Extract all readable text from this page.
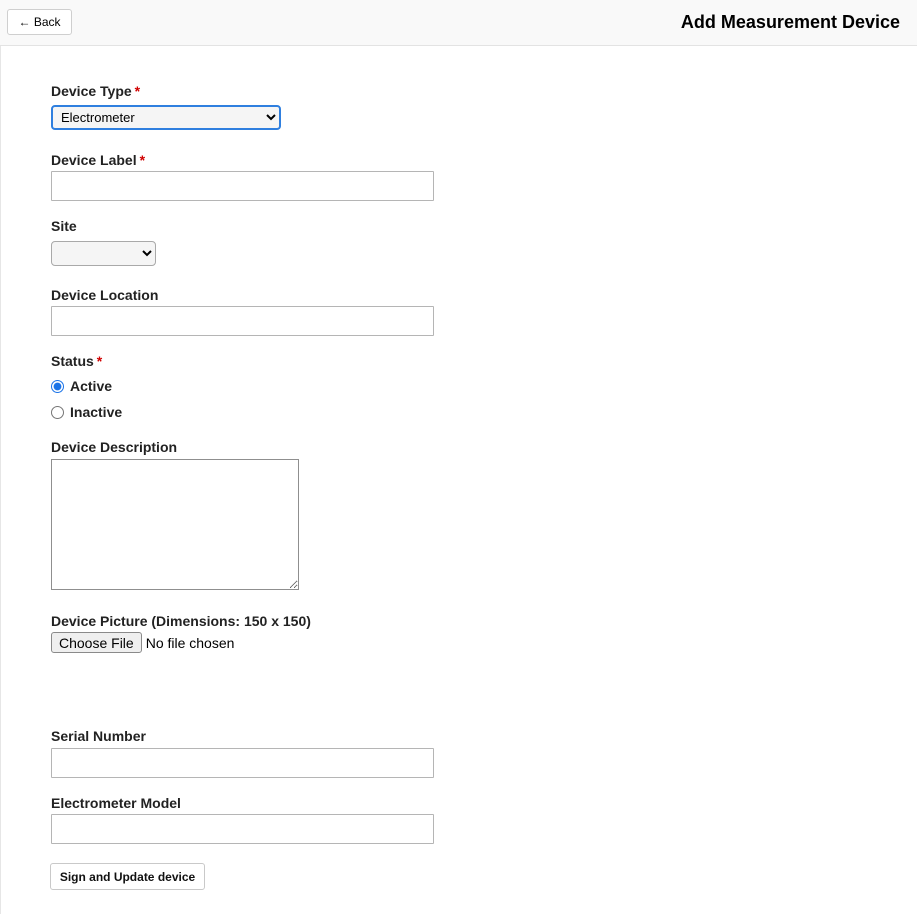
← Back	Add Measurement Device
Device Type *
Electrometer
Device Label *
Site
Device Location
Status *
Active
Inactive
Device Description
Device Picture (Dimensions: 150 x 150)
Choose File No file chosen
Serial Number
Electrometer Model
Sign and Update device
